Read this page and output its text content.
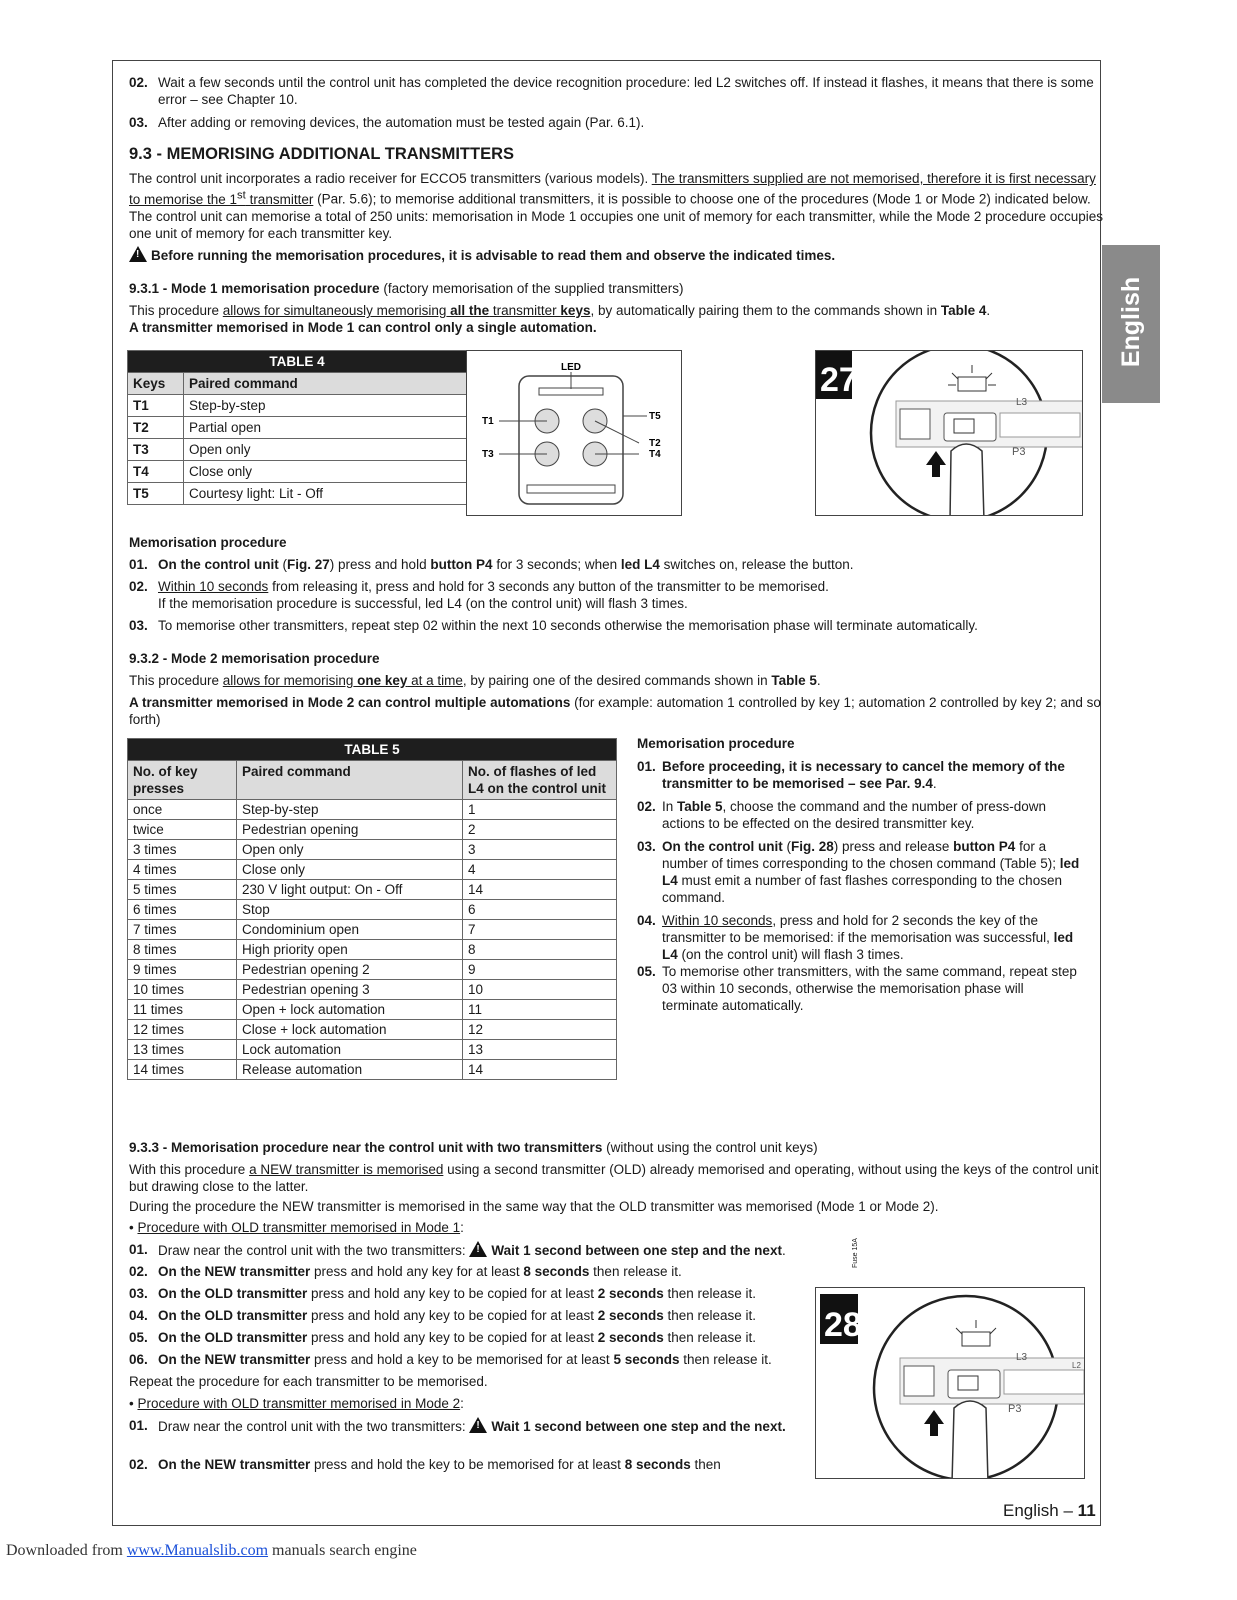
English
02. Wait a few seconds until the control unit has completed the device recognition procedure: led L2 switches off. If instead it flashes, it means that there is some error – see Chapter 10.
03. After adding or removing devices, the automation must be tested again (Par. 6.1).
9.3 - MEMORISING ADDITIONAL TRANSMITTERS

The control unit incorporates a radio receiver for ECCO5 transmitters (various models). The transmitters supplied are not memorised, therefore it is first necessary to memorise the 1st transmitter (Par. 5.6); to memorise additional transmitters, it is possible to choose one of the procedures (Mode 1 or Mode 2) indicated below. The control unit can memorise a total of 250 units: memorisation in Mode 1 occupies one unit of memory for each transmitter, while the Mode 2 procedure occupies one unit of memory for each transmitter key.

!Before running the memorisation procedures, it is advisable to read them and observe the indicated times.

9.3.1 - Mode 1 memorisation procedure (factory memorisation of the supplied transmitters)

This procedure allows for simultaneously memorising all the transmitter keys, by automatically pairing them to the commands shown in Table 4.

A transmitter memorised in Mode 1 can control only a single automation.

TABLE 4	
Keys	Paired command
T1	Step-by-step
T2	Partial open
T3	Open only
T4	Close only
T5	Courtesy light: Lit - Off
LED
T1
T3
T5
T2
T4
27
L3
P3

Memorisation procedure

01. On the control unit (Fig. 27) press and hold button P4 for 3 seconds; when led L4 switches on, release the button.
02. Within 10 seconds from releasing it, press and hold for 3 seconds any button of the transmitter to be memorised.
If the memorisation procedure is successful, led L4 (on the control unit) will flash 3 times.
03. To memorise other transmitters, repeat step 02 within the next 10 seconds otherwise the memorisation phase will terminate automatically.

9.3.2 - Mode 2 memorisation procedure

This procedure allows for memorising one key at a time, by pairing one of the desired commands shown in Table 5.

A transmitter memorised in Mode 2 can control multiple automations (for example: automation 1 controlled by key 1; automation 2 controlled by key 2; and so forth)

TABLE 5		
No. of key presses	Paired command	No. of flashes of led L4 on the control unit
once	Step-by-step	1
twice	Pedestrian opening	2
3 times	Open only	3
4 times	Close only	4
5 times	230 V light output: On - Off	14
6 times	Stop	6
7 times	Condominium open	7
8 times	High priority open	8
9 times	Pedestrian opening 2	9
10 times	Pedestrian opening 3	10
11 times	Open + lock automation	11
12 times	Close + lock automation	12
13 times	Lock automation	13
14 times	Release automation	14
Memorisation procedure
01. Before proceeding, it is necessary to cancel the memory of the transmitter to be memorised – see Par. 9.4.
02. In Table 5, choose the command and the number of press-down actions to be effected on the desired transmitter key.
03. On the control unit (Fig. 28) press and release button P4 for a number of times corresponding to the chosen command (Table 5); led L4 must emit a number of fast flashes corresponding to the chosen command.
04. Within 10 seconds, press and hold for 2 seconds the key of the transmitter to be memorised: if the memorisation was successful, led L4 (on the control unit) will flash 3 times.
05. To memorise other transmitters, with the same command, repeat step 03 within 10 seconds, otherwise the memorisation phase will terminate automatically.

9.3.3 - Memorisation procedure near the control unit with two transmitters (without using the control unit keys)

With this procedure a NEW transmitter is memorised using a second transmitter (OLD) already memorised and operating, without using the keys of the control unit but drawing close to the latter.

During the procedure the NEW transmitter is memorised in the same way that the OLD transmitter was memorised (Mode 1 or Mode 2).

• Procedure with OLD transmitter memorised in Mode 1:

01. Draw near the control unit with the two transmitters: !Wait 1 second between one step and the next.
02. On the NEW transmitter press and hold any key for at least 8 seconds then release it.
03. On the OLD transmitter press and hold any key to be copied for at least 2 seconds then release it.
04. On the OLD transmitter press and hold any key to be copied for at least 2 seconds then release it.
05. On the OLD transmitter press and hold any key to be copied for at least 2 seconds then release it.
06. On the NEW transmitter press and hold a key to be memorised for at least 5 seconds then release it.

Repeat the procedure for each transmitter to be memorised.

• Procedure with OLD transmitter memorised in Mode 2:

01. Draw near the control unit with the two transmitters: !Wait 1 second between one step and the next.
02. On the NEW transmitter press and hold the key to be memorised for at least 8 seconds then
28
L3
L2
P3
Fuse 15A
English – 11
Downloaded from www.Manualslib.com manuals search engine
